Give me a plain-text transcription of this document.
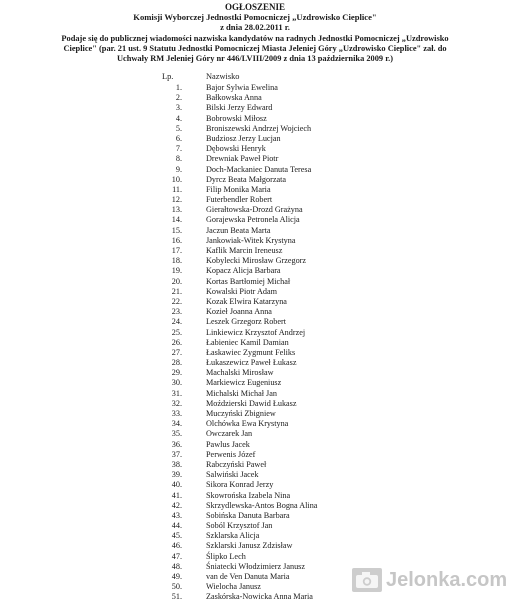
OGŁOSZENIE
Komisji Wyborczej Jednostki Pomocniczej „Uzdrowisko Cieplice"
z dnia 28.02.2011 r.
Podaje się do publicznej wiadomości nazwiska kandydatów na radnych Jednostki Pomocniczej „Uzdrowisko
Cieplice" (par. 21 ust. 9 Statutu Jednostki Pomocniczej Miasta Jeleniej Góry „Uzdrowisko Cieplice" zał. do
Uchwały RM Jeleniej Góry nr 446/LVIII/2009 z dnia 13 października 2009 r.)
Lp.	Nazwisko
1.	Bajor Sylwia Ewelina
2.	Bałkowska Anna
3.	Bilski Jerzy Edward
4.	Bobrowski Miłosz
5.	Broniszewski Andrzej Wojciech
6.	Budziosz Jerzy Lucjan
7.	Dębowski Henryk
8.	Drewniak Paweł Piotr
9.	Doch-Mackaniec Danuta Teresa
10.	Dyrcz Beata Małgorzata
11.	Filip Monika Maria
12.	Futerbendler Robert
13.	Gierałtowska-Drozd Grażyna
14.	Gorajewska Petronela Alicja
15.	Jaczun Beata Marta
16.	Jankowiak-Witek Krystyna
17.	Kaflik Marcin Ireneusz
18.	Kobylecki Mirosław Grzegorz
19.	Kopacz Alicja Barbara
20.	Kortas Bartłomiej Michał
21.	Kowalski Piotr Adam
22.	Kozak Elwira Katarzyna
23.	Kozieł Joanna Anna
24.	Leszek Grzegorz Robert
25.	Linkiewicz Krzysztof Andrzej
26.	Łabieniec Kamil Damian
27.	Łaskawiec Zygmunt Feliks
28.	Łukaszewicz Paweł Łukasz
29.	Machalski Mirosław
30.	Markiewicz Eugeniusz
31.	Michalski Michał Jan
32.	Moździerski Dawid Łukasz
33.	Muczyński Zbigniew
34.	Olchówka Ewa Krystyna
35.	Owczarek Jan
36.	Pawlus Jacek
37.	Perwenis Józef
38.	Rabczyński Paweł
39.	Salwiński Jacek
40.	Sikora Konrad Jerzy
41.	Skowrońska Izabela Nina
42.	Skrzydlewska-Antos Bogna Alina
43.	Sobińska Danuta Barbara
44.	Soból Krzysztof Jan
45.	Szklarska Alicja
46.	Szklarski Janusz Zdzisław
47.	Ślipko Lech
48.	Śniatecki Włodzimierz Janusz
49.	van de Ven Danuta Maria
50.	Wielocha Janusz
51.	Zaskórska-Nowicka Anna Maria
Jelonka.com
